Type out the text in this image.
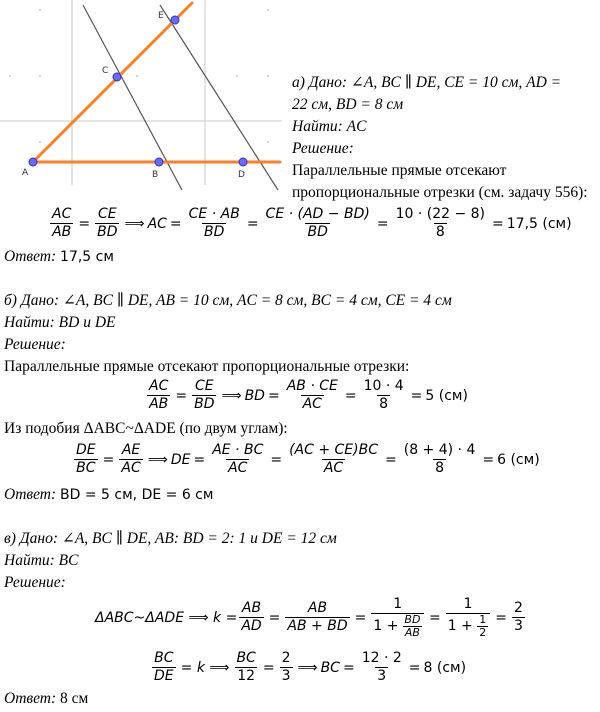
A	B
C
D
E
а) Дано: ∠A, BC ∥ DE, CE = 10 см, AD =
22 см, BD = 8 см
Найти: AC
Решение:
Параллельные прямые отсекают
пропорциональные отрезки (см. задачу 556):
$\frac{AC}{AB} = \frac{CE}{BD}$ ⟹ AC = $\frac{CE \cdot AB}{BD} = \frac{CE \cdot (AD - BD)}{BD} = \frac{10 \cdot (22 - 8)}{8} = 17,5$ (см)
Ответ: 17,5 см
б) Дано: ∠A, BC ∥ DE, AB = 10 см, AC = 8 см, BC = 4 см, CE = 4 см
Найти: BD и DE
Решение:
Параллельные прямые отсекают пропорциональные отрезки:
$\frac{AC}{AB} = \frac{CE}{BD}$ ⟹ BD = $\frac{AB \cdot CE}{AC} = \frac{10 \cdot 4}{8} = 5$ (см)
Из подобия ΔABC~ΔADE (по двум углам):
$\frac{DE}{BC} = \frac{AE}{AC}$ ⟹ DE = $\frac{AE \cdot BC}{AC} = \frac{(AC + CE)BC}{AC} = \frac{(8 + 4) \cdot 4}{8} = 6$ (см)
Ответ: BD = 5 см, DE = 6 см
в) Дано: ∠A, BC ∥ DE, AB: BD = 2: 1 и DE = 12 см
Найти: BC
Решение:
ΔABC~ΔADE ⟹ $k = \frac{AB}{AD} = \frac{AB}{AB + BD} = 1$
1 +
$\frac{BD}{AB} = 1$
1 +
$\frac{1}{2} = \frac{2}{3}$
$\frac{BC}{DE} = k$ ⟹ $\frac{BC}{12} = \frac{2}{3}$ ⟹ BC = $\frac{12 \cdot 2}{3} = 8$ (см)
Ответ: 8 см
